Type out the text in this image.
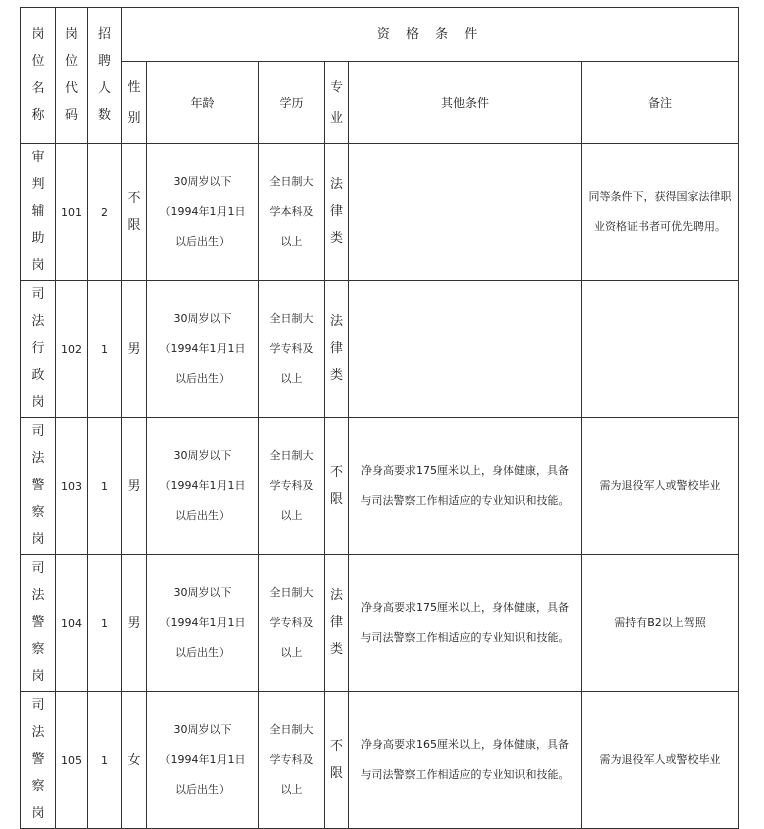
岗位名称	岗位代码	招聘人数	资 格 条 件					
			性别	年龄	学历	专业	其他条件	备注
审判辅助岗	101	2	不限	30周岁以下（1994年1月1日以后出生）	全日制大学本科及以上	法律类		同等条件下，获得国家法律职业资格证书者可优先聘用。

司法行政岗	102	1	男	30周岁以下（1994年1月1日以后出生）	全日制大学专科及以上	法律类	

司法警察岗	103	1	男	30周岁以下（1994年1月1日以后出生）	全日制大学专科及以上	不限	净身高要求175厘米以上，身体健康，具备与司法警察工作相适应的专业知识和技能。	需为退役军人或警校毕业

司法警察岗	104	1	男	30周岁以下（1994年1月1日以后出生）	全日制大学专科及以上	法律类	净身高要求175厘米以上，身体健康，具备与司法警察工作相适应的专业知识和技能。	需持有B2以上驾照

司法警察岗	105	1	女	30周岁以下（1994年1月1日以后出生）	全日制大学专科及以上	不限	净身高要求165厘米以上，身体健康，具备与司法警察工作相适应的专业知识和技能。	需为退役军人或警校毕业
